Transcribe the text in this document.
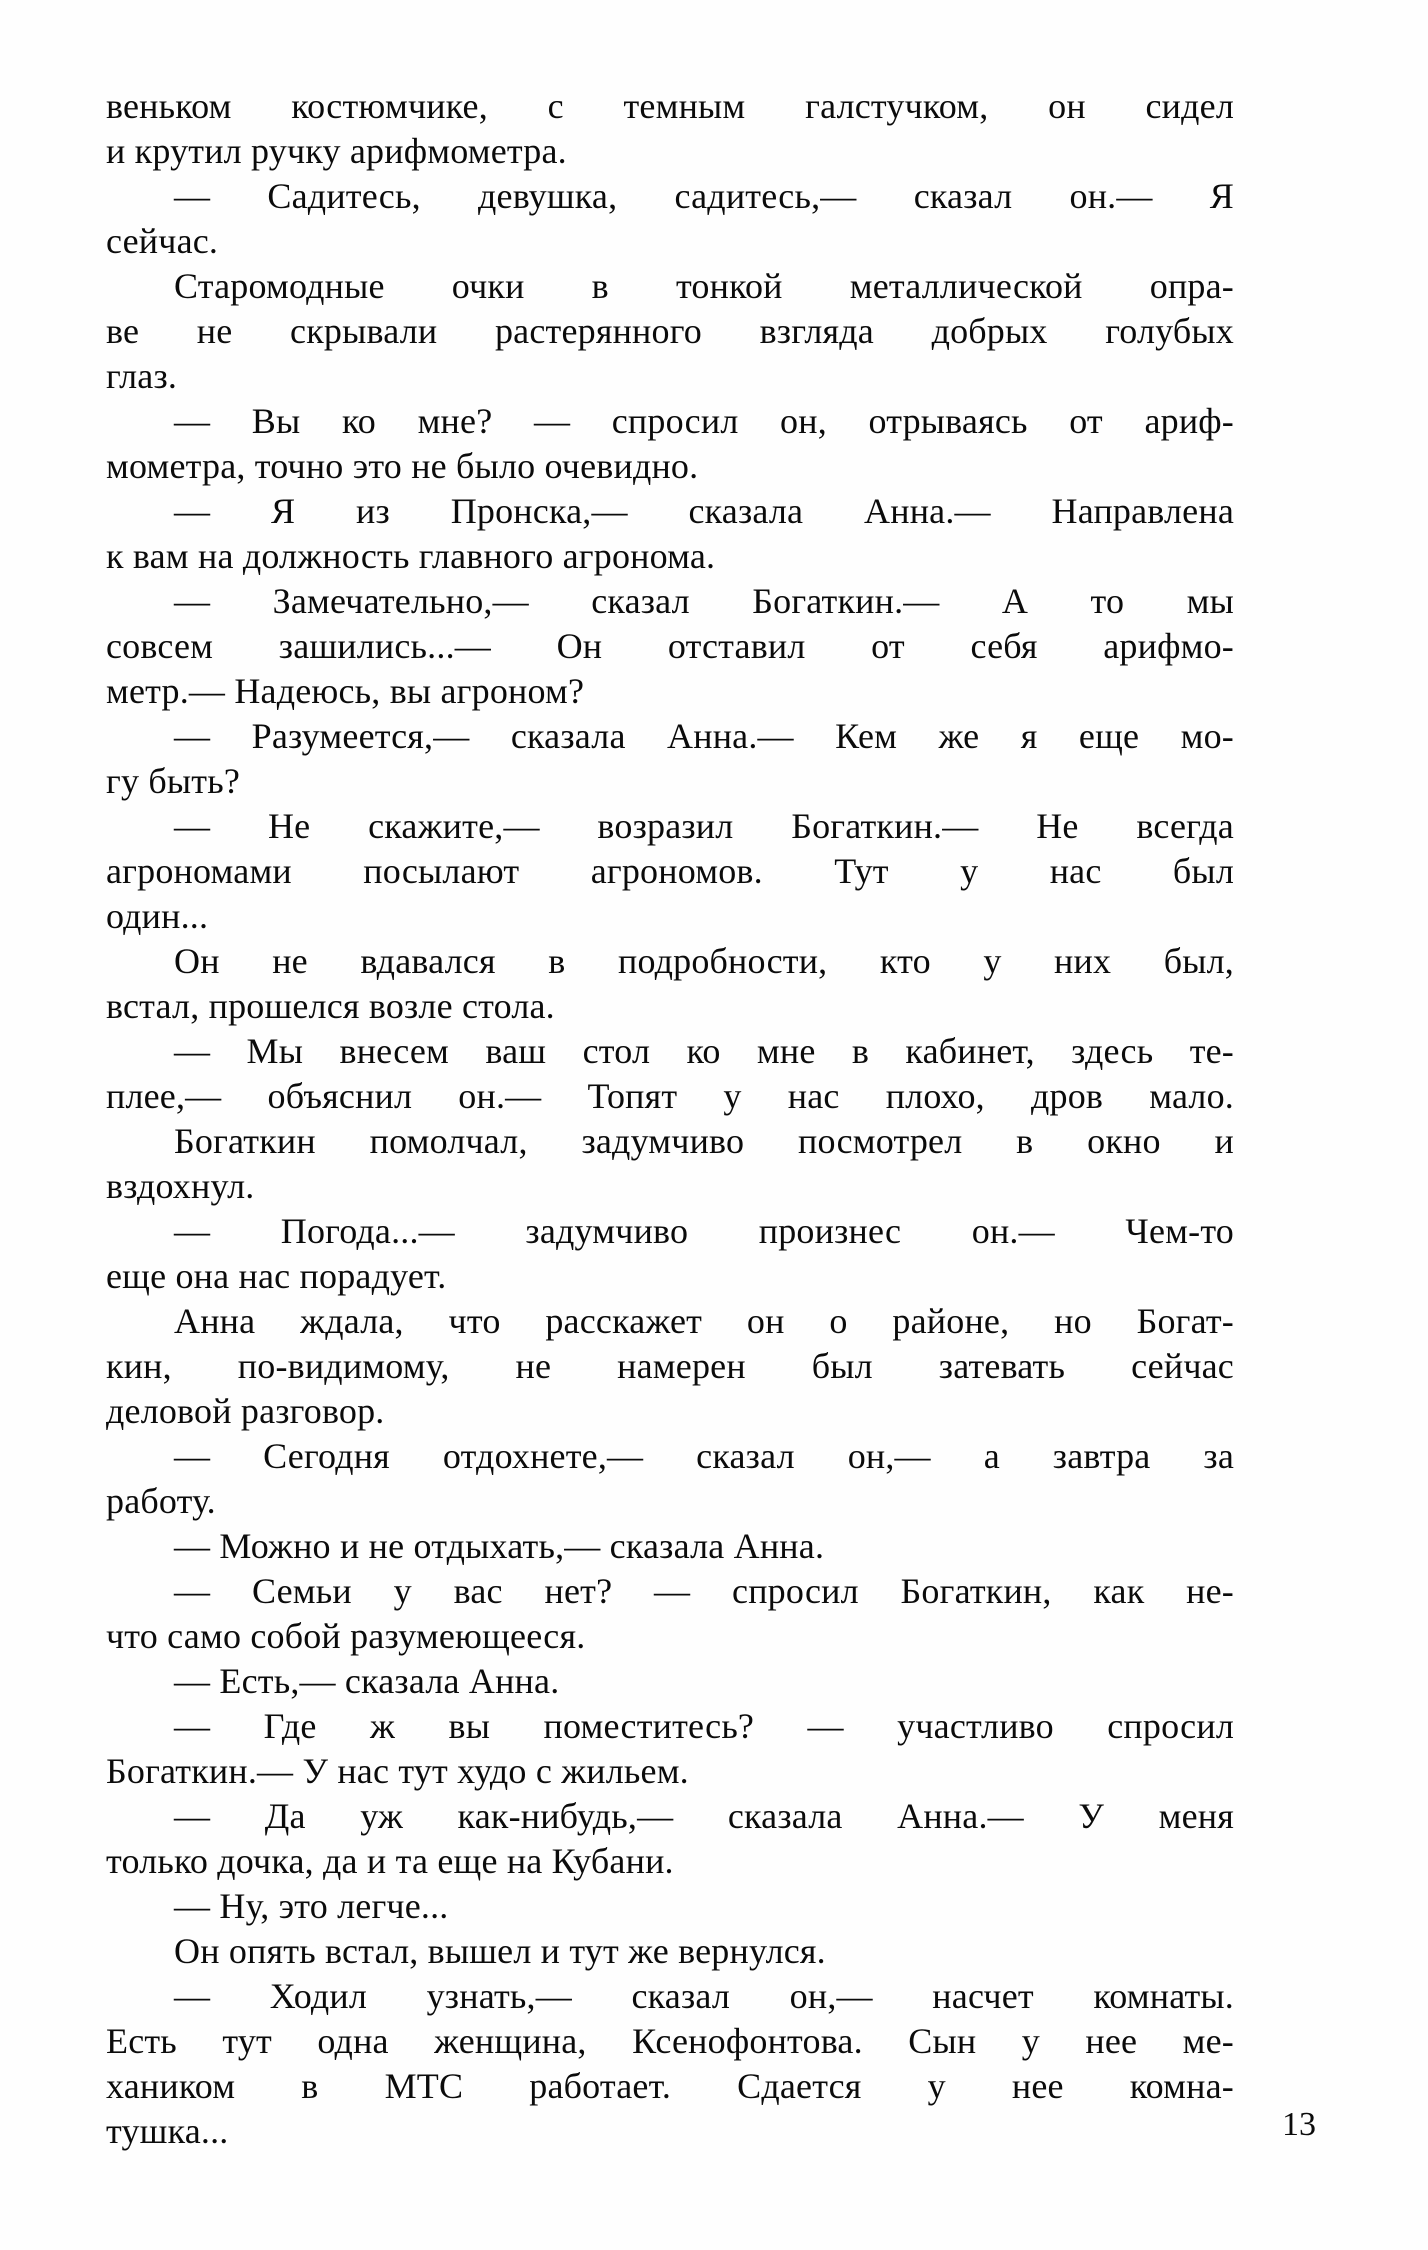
веньком костюмчике, с темным галстучком, он сидел
и крутил ручку арифмометра.
— Садитесь, девушка, садитесь,— сказал он.— Я
сейчас.
Старомодные очки в тонкой металлической опра-
ве не скрывали растерянного взгляда добрых голубых
глаз.
— Вы ко мне? — спросил он, отрываясь от ариф-
мометра, точно это не было очевидно.
— Я из Пронска,— сказала Анна.— Направлена
к вам на должность главного агронома.
— Замечательно,— сказал Богаткин.— А то мы
совсем зашились...— Он отставил от себя арифмо-
метр.— Надеюсь, вы агроном?
— Разумеется,— сказала Анна.— Кем же я еще мо-
гу быть?
— Не скажите,— возразил Богаткин.— Не всегда
агрономами посылают агрономов. Тут у нас был
один...
Он не вдавался в подробности, кто у них был,
встал, прошелся возле стола.
— Мы внесем ваш стол ко мне в кабинет, здесь те-
плее,— объяснил он.— Топят у нас плохо, дров мало.
Богаткин помолчал, задумчиво посмотрел в окно и
вздохнул.
— Погода...— задумчиво произнес он.— Чем-то
еще она нас порадует.
Анна ждала, что расскажет он о районе, но Богат-
кин, по-видимому, не намерен был затевать сейчас
деловой разговор.
— Сегодня отдохнете,— сказал он,— а завтра за
работу.
— Можно и не отдыхать,— сказала Анна.
— Семьи у вас нет? — спросил Богаткин, как не-
что само собой разумеющееся.
— Есть,— сказала Анна.
— Где ж вы поместитесь? — участливо спросил
Богаткин.— У нас тут худо с жильем.
— Да уж как-нибудь,— сказала Анна.— У меня
только дочка, да и та еще на Кубани.
— Ну, это легче...
Он опять встал, вышел и тут же вернулся.
— Ходил узнать,— сказал он,— насчет комнаты.
Есть тут одна женщина, Ксенофонтова. Сын у нее ме-
хаником в МТС работает. Сдается у нее комна-
тушка...	13
